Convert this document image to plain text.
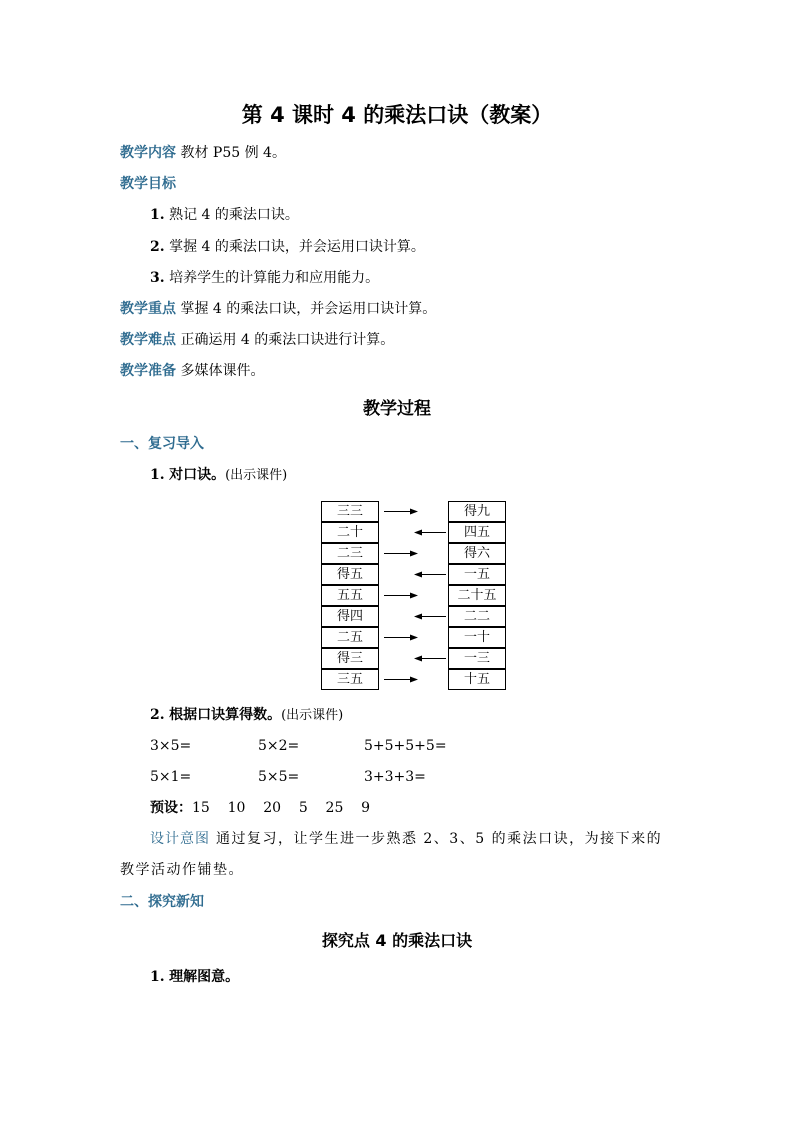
第 4 课时 4 的乘法口诀（教案）
教学内容 教材 P55 例 4。
教学目标
1. 熟记 4 的乘法口诀。
2. 掌握 4 的乘法口诀，并会运用口诀计算。
3. 培养学生的计算能力和应用能力。
教学重点 掌握 4 的乘法口诀，并会运用口诀计算。
教学难点 正确运用 4 的乘法口诀进行计算。
教学准备 多媒体课件。
教学过程
一、复习导入
1. 对口诀。(出示课件)
三三	得九
二十	四五
二三	得六
得五	一五
五五	二十五
得四	二二
二五	一十
得三	一三
三五	十五
2. 根据口诀算得数。(出示课件)
3×5=	5×2=	5+5+5+5=
5×1=	5×5=	3+3+3=
预设：15    10    20    5    25    9
设计意图 通过复习，让学生进一步熟悉 2、3、5 的乘法口诀，为接下来的
教学活动作铺垫。
二、探究新知
探究点 4 的乘法口诀
1. 理解图意。
